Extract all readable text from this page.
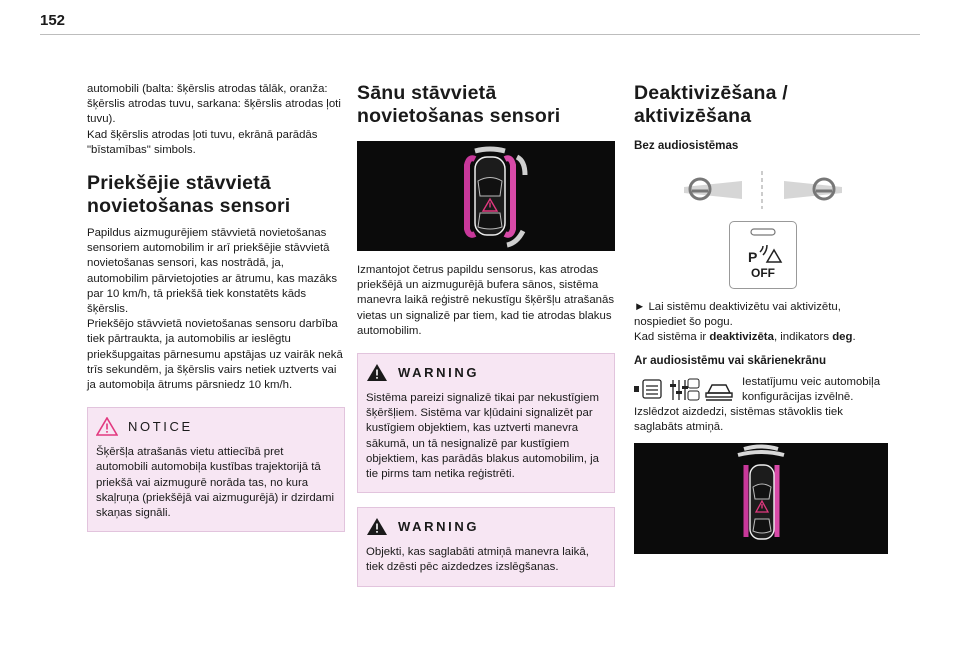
152

automobili (balta: šķērslis atrodas tālāk, oranža: šķērslis atrodas tuvu, sarkana: šķērslis atrodas ļoti tuvu).
Kad šķērslis atrodas ļoti tuvu, ekrānā parādās "bīstamības" simbols.

Priekšējie stāvvietā novietošanas sensori

Papildus aizmugurējiem stāvvietā novietošanas sensoriem automobilim ir arī priekšējie stāvvietā novietošanas sensori, kas nostrādā, ja, automobilim pārvietojoties ar ātrumu, kas mazāks par 10 km/h, tā priekšā tiek konstatēts kāds šķērslis.
Priekšējo stāvvietā novietošanas sensoru darbība tiek pārtraukta, ja automobilis ar ieslēgtu priekšupgaitas pārnesumu apstājas uz vairāk nekā trīs sekundēm, ja šķērslis vairs netiek uztverts vai ja automobiļa ātrums pārsniedz 10 km/h.

NOTICE

Šķēršļa atrašanās vietu attiecībā pret automobili automobiļa kustības trajektorijā tā priekšā vai aizmugurē norāda tas, no kura skaļruņa (priekšējā vai aizmugurējā) ir dzirdami skaņas signāli.

Sānu stāvvietā novietošanas sensori

Izmantojot četrus papildu sensorus, kas atrodas priekšējā un aizmugurējā bufera sānos, sistēma manevra laikā reģistrē nekustīgu šķēršļu atrašanās vietas un signalizē par tiem, kad tie atrodas blakus automobilim.

WARNING

Sistēma pareizi signalizē tikai par nekustīgiem šķēršļiem. Sistēma var kļūdaini signalizēt par kustīgiem objektiem, kas uztverti manevra sākumā, un tā nesignalizē par kustīgiem objektiem, kas parādās blakus automobilim, ja tie pirms tam netika reģistrēti.

WARNING

Objekti, kas saglabāti atmiņā manevra laikā, tiek dzēsti pēc aizdedzes izslēgšanas.

Deaktivizēšana / aktivizēšana
Bez audiosistēmas
P
OFF

► Lai sistēmu deaktivizētu vai aktivizētu, nospiediet šo pogu.

Kad sistēma ir deaktivizēta, indikators deg.

Ar audiosistēmu vai skārienekrānu

Iestatījumu veic automobiļa konfigurācijas izvēlnē.

Izslēdzot aizdedzi, sistēmas stāvoklis tiek saglabāts atmiņā.
